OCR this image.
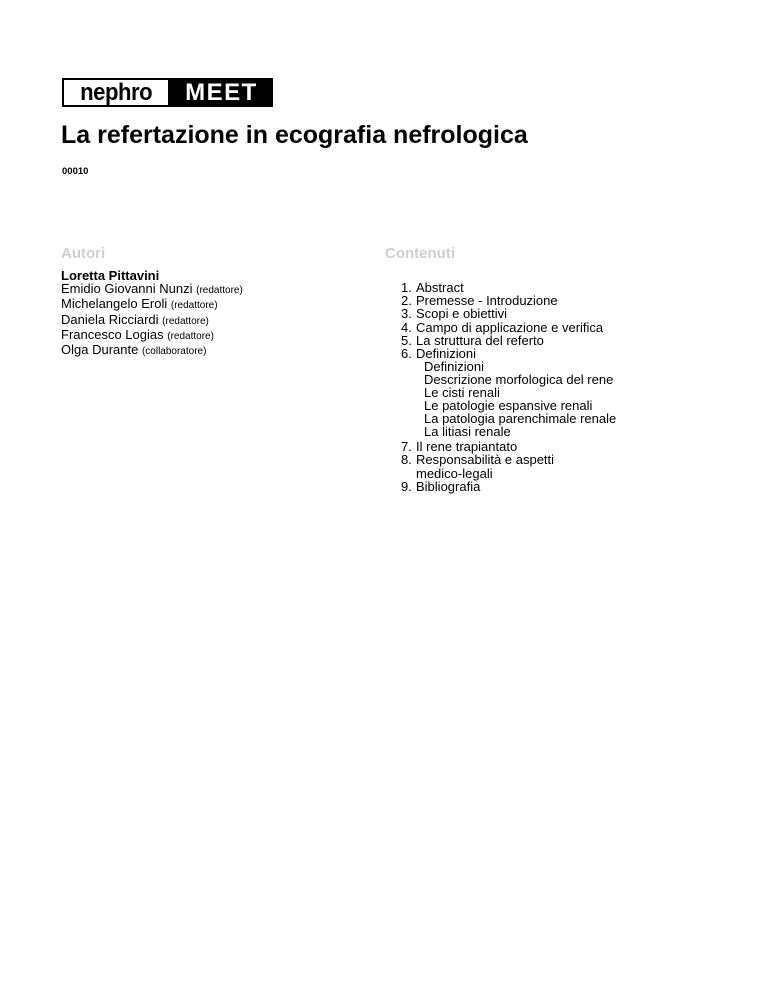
nephro MEET
La refertazione in ecografia nefrologica
00010
Autori
Loretta Pittavini
Emidio Giovanni Nunzi (redattore)
Michelangelo Eroli (redattore)
Daniela Ricciardi (redattore)
Francesco Logias (redattore)
Olga Durante (collaboratore)
Contenuti
1. Abstract
2. Premesse - Introduzione
3. Scopi e obiettivi
4. Campo di applicazione e verifica
5. La struttura del referto
6. Definizioni
Definizioni
Descrizione morfologica del rene
Le cisti renali
Le patologie espansive renali
La patologia parenchimale renale
La litiasi renale
7. Il rene trapiantato
8. Responsabilità e aspetti
medico-legali
9. Bibliografia
